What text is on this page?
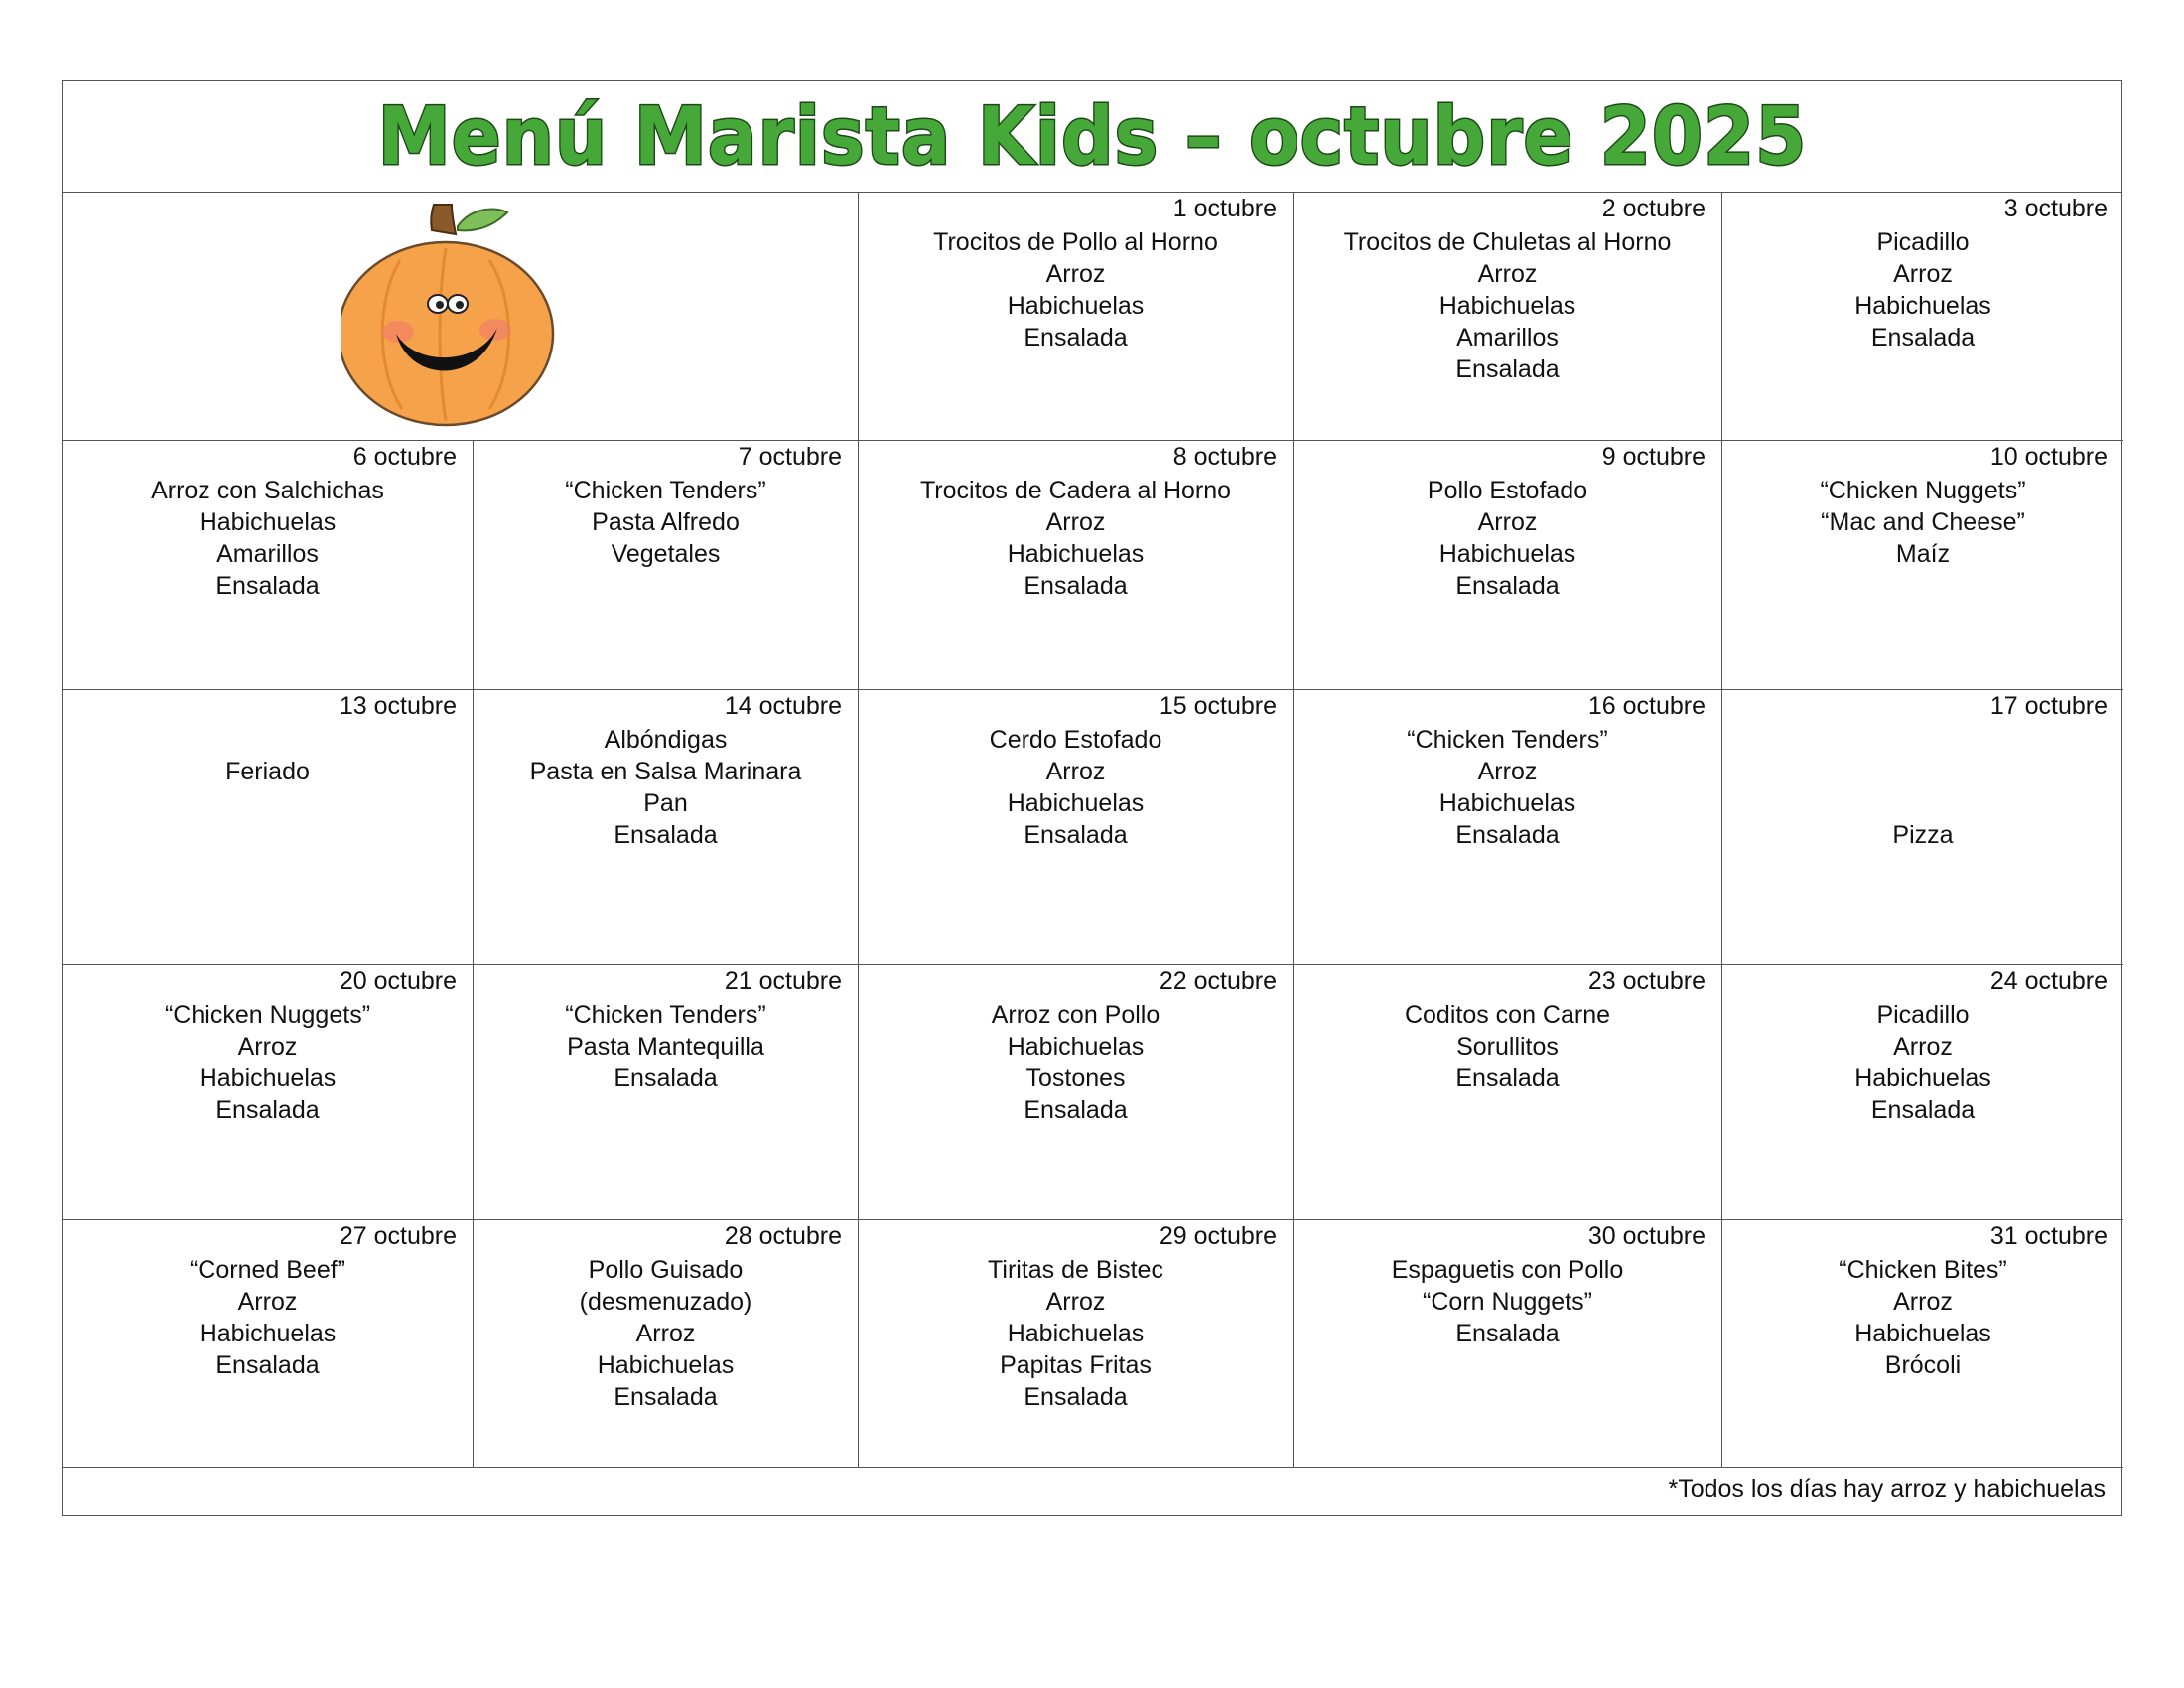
Menú Marista Kids – octubre 2025
1 octubre
Trocitos de Pollo al Horno
Arroz
Habichuelas
Ensalada
2 octubre
Trocitos de Chuletas al Horno
Arroz
Habichuelas
Amarillos
Ensalada
3 octubre
Picadillo
Arroz
Habichuelas
Ensalada
6 octubre
Arroz con Salchichas
Habichuelas
Amarillos
Ensalada
7 octubre
“Chicken Tenders”
Pasta Alfredo
Vegetales
8 octubre
Trocitos de Cadera al Horno
Arroz
Habichuelas
Ensalada
9 octubre
Pollo Estofado
Arroz
Habichuelas
Ensalada
10 octubre
“Chicken Nuggets”
“Mac and Cheese”
Maíz
13 octubre

Feriado
14 octubre
Albóndigas
Pasta en Salsa Marinara
Pan
Ensalada
15 octubre
Cerdo Estofado
Arroz
Habichuelas
Ensalada
16 octubre
“Chicken Tenders”
Arroz
Habichuelas
Ensalada
17 octubre

Pizza
20 octubre
“Chicken Nuggets”
Arroz
Habichuelas
Ensalada
21 octubre
“Chicken Tenders”
Pasta Mantequilla
Ensalada
22 octubre
Arroz con Pollo
Habichuelas
Tostones
Ensalada
23 octubre
Coditos con Carne
Sorullitos
Ensalada
24 octubre
Picadillo
Arroz
Habichuelas
Ensalada
27 octubre
“Corned Beef”
Arroz
Habichuelas
Ensalada
28 octubre
Pollo Guisado
(desmenuzado)
Arroz
Habichuelas
Ensalada
29 octubre
Tiritas de Bistec
Arroz
Habichuelas
Papitas Fritas
Ensalada
30 octubre
Espaguetis con Pollo
“Corn Nuggets”
Ensalada
31 octubre
“Chicken Bites”
Arroz
Habichuelas
Brócoli
*Todos los días hay arroz y habichuelas
